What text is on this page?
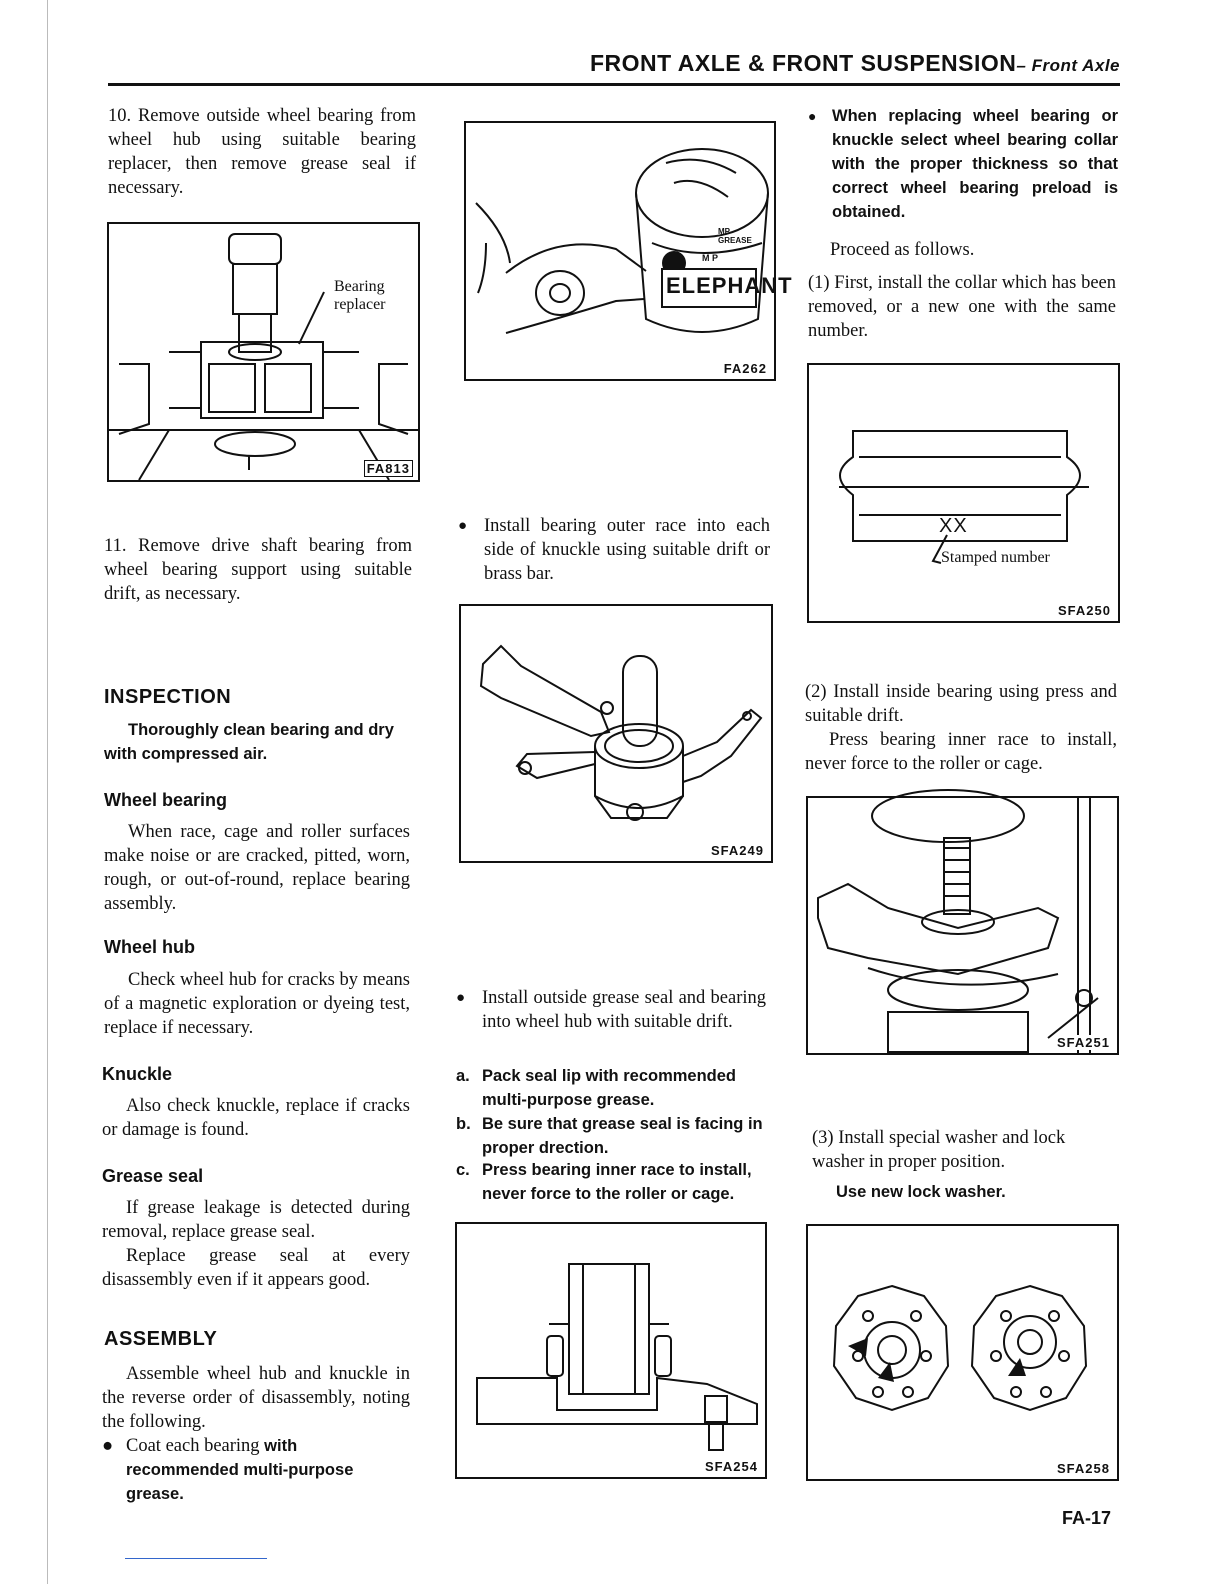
FRONT AXLE & FRONT SUSPENSION– Front Axle
10. Remove outside wheel bearing from wheel hub using suitable bearing replacer, then remove grease seal if necessary.
Bearing
replacer
FA813
11. Remove drive shaft bearing from wheel bearing support using suitable drift, as necessary.
INSPECTION
Thoroughly clean bearing and dry with compressed air.
Wheel bearing
When race, cage and roller surfaces make noise or are cracked, pitted, worn, rough, or out-of-round, replace bearing assembly.
Wheel hub
Check wheel hub for cracks by means of a magnetic exploration or dyeing test, replace if necessary.
Knuckle
Also check knuckle, replace if cracks or damage is found.
Grease seal
If grease leakage is detected during removal, replace grease seal.
Replace grease seal at every disassembly even if it appears good.
ASSEMBLY
Assemble wheel hub and knuckle in the reverse order of disassembly, noting the following.
● Coat each bearing with recommended multi-purpose grease.
ELEPHANT
M P
MP GREASE
FA262
● Install bearing outer race into each side of knuckle using suitable drift or brass bar.
SFA249
● Install outside grease seal and bearing into wheel hub with suitable drift.
a. Pack seal lip with recommended multi-purpose grease.
b. Be sure that grease seal is facing in proper drection.
c. Press bearing inner race to install, never force to the roller or cage.
SFA254
● When replacing wheel bearing or knuckle select wheel bearing collar with the proper thickness so that correct wheel bearing preload is obtained.
Proceed as follows.
(1) First, install the collar which has been removed, or a new one with the same number.
XX
Stamped number
SFA250
(2) Install inside bearing using press and suitable drift.
Press bearing inner race to install, never force to the roller or cage.
SFA251
(3) Install special washer and lock washer in proper position.
Use new lock washer.
SFA258
FA-17
